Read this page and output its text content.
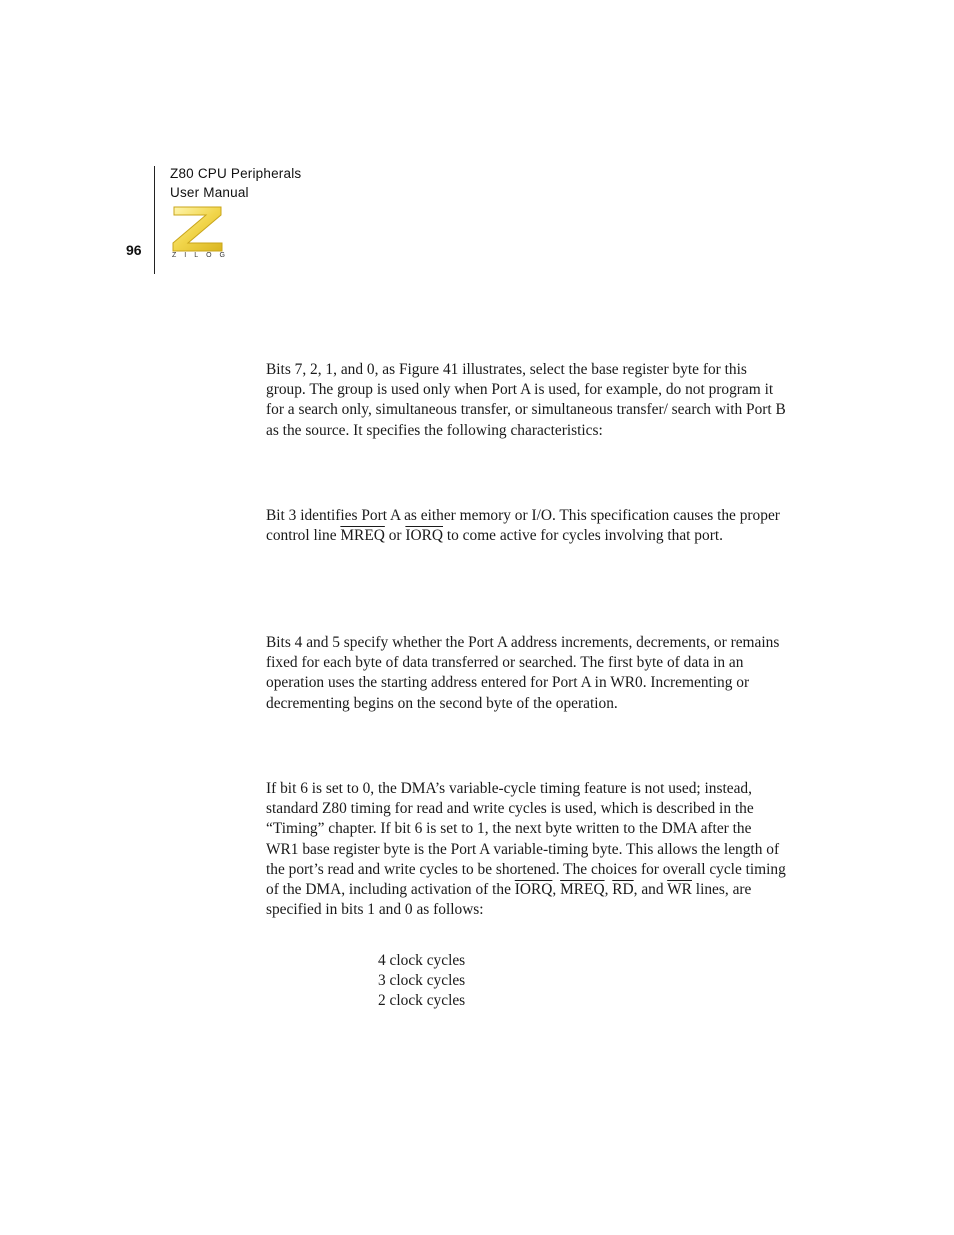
Z80 CPU Peripherals
User Manual
96	ZILOG

Bits 7, 2, 1, and 0, as Figure 41 illustrates, select the base register byte for this group. The group is used only when Port A is used, for example, do not program it for a search only, simultaneous transfer, or simultaneous transfer/ search with Port B as the source. It specifies the following characteristics:

Bit 3 identifies Port A as either memory or I/O. This specification causes the proper control line MREQ or IORQ to come active for cycles involving that port.

Bits 4 and 5 specify whether the Port A address increments, decrements, or remains fixed for each byte of data transferred or searched. The first byte of data in an operation uses the starting address entered for Port A in WR0. Incrementing or decrementing begins on the second byte of the operation.

If bit 6 is set to 0, the DMA’s variable-cycle timing feature is not used; instead, standard Z80 timing for read and write cycles is used, which is described in the “Timing” chapter. If bit 6 is set to 1, the next byte written to the DMA after the WR1 base register byte is the Port A variable-timing byte. This allows the length of the port’s read and write cycles to be shortened. The choices for overall cycle timing of the DMA, including activation of the IORQ, MREQ, $\overline{RD}$, and $\overline{WR}$ lines, are specified in bits 1 and 0 as follows:

4 clock cycles
3 clock cycles
2 clock cycles
